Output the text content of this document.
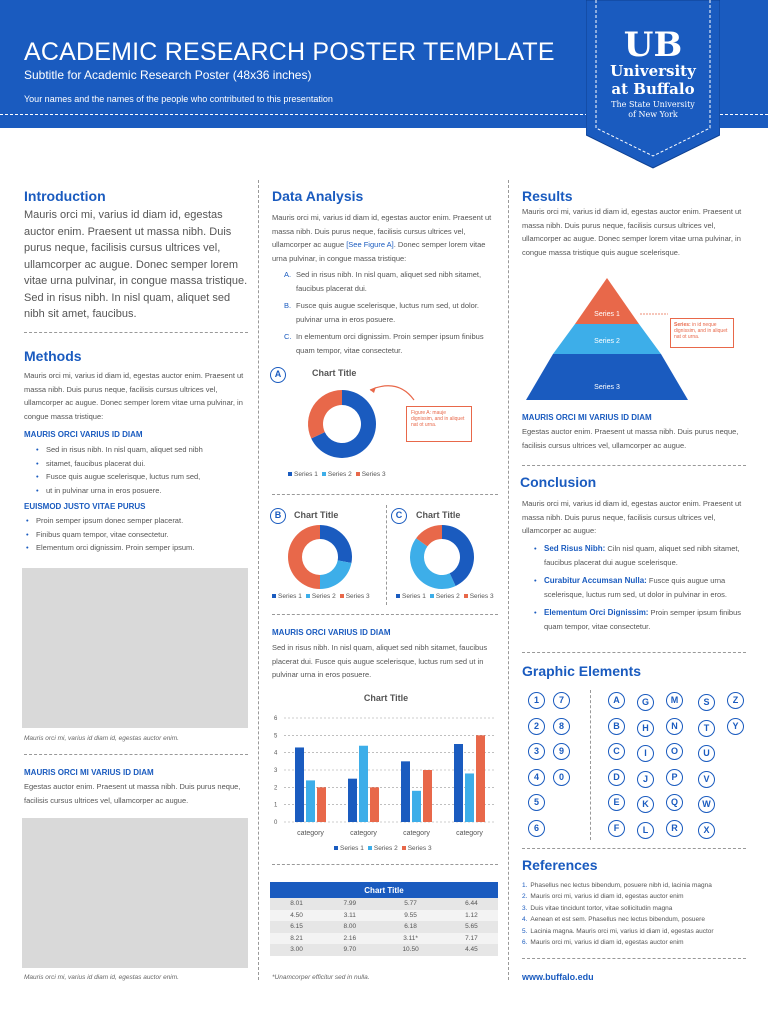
ACADEMIC RESEARCH POSTER TEMPLATE
Subtitle for Academic Research Poster (48x36 inches)
Your names and the names of the people who contributed to this presentation
UB
University
at Buffalo
The State University
of New York
Introduction
Mauris orci mi, varius id diam id, egestas auctor enim. Praesent ut massa nibh. Duis purus neque, facilisis cursus ultrices vel, ullamcorper ac augue. Donec semper lorem vitae urna pulvinar, in congue massa tristique. Sed in risus nibh. In nisl quam, aliquet sed nibh sit amet, faucibus.
Methods
Mauris orci mi, varius id diam id, egestas auctor enim. Praesent ut massa nibh. Duis purus neque, facilisis cursus ultrices vel, ullamcorper ac augue. Donec semper lorem vitae urna pulvinar, in congue massa tristique:
MAURIS ORCI VARIUS ID DIAM
• Sed in risus nibh. In nisl quam, aliquet sed nibh
• sitamet, faucibus placerat dui.
• Fusce quis augue scelerisque, luctus rum sed,
• ut in pulvinar urna in eros posuere.
EUISMOD JUSTO VITAE PURUS
• Proin semper ipsum donec semper placerat.
• Finibus quam tempor, vitae consectetur.
• Elementum orci dignissim. Proin semper ipsum.
Mauris orci mi, varius id diam id, egestas auctor enim.
MAURIS ORCI MI VARIUS ID DIAM
Egestas auctor enim. Praesent ut massa nibh. Duis purus neque, facilisis cursus ultrices vel, ullamcorper ac augue.
Mauris orci mi, varius id diam id, egestas auctor enim.
Data Analysis
Mauris orci mi, varius id diam id, egestas auctor enim. Praesent ut massa nibh. Duis purus neque, facilisis cursus ultrices vel, ullamcorper ac augue [See Figure A]. Donec semper lorem vitae urna pulvinar, in congue massa tristique:
A. Sed in risus nibh. In nisl quam, aliquet sed nibh sitamet, faucibus placerat dui.
B. Fusce quis augue scelerisque, luctus rum sed, ut dolor. pulvinar urna in eros posuere.
C. In elementum orci dignissim. Proin semper ipsum finibus quam tempor, vitae consectetur.
A	Chart Title
Figure A: mauje dignissim, and in aliquet nat ot urna.
Series 1 Series 2 Series 3
B	Chart Title
Series 1 Series 2 Series 3
C	Chart Title
Series 1 Series 2 Series 3
MAURIS ORCI VARIUS ID DIAM
Sed in risus nibh. In nisl quam, aliquet sed nibh sitamet, faucibus placerat dui. Fusce quis augue scelerisque, luctus rum sed ut in pulvinar urna in eros posuere.
Chart Title
0
1
2
3
4
5
6
category	category	category	category
Series 1 Series 2 Series 3
Chart Title			
8.01	7.99	5.77	6.44
4.50	3.11	9.55	1.12
6.15	8.00	6.18	5.65
8.21	2.16	3.11*	7.17
3.00	9.70	10.50	4.45
*Unamcorper efficitur sed in nulla.
Results
Mauris orci mi, varius id diam id, egestas auctor enim. Praesent ut massa nibh. Duis purus neque, facilisis cursus ultrices vel, ullamcorper ac augue. Donec semper lorem vitae urna pulvinar, in congue massa tristique quis augue scelerisque.
Series 1
Series 2
Series 3
Series: in id neque dignissim, and in aliquet nat ot urna.
MAURIS ORCI MI VARIUS ID DIAM
Egestas auctor enim. Praesent ut massa nibh. Duis purus neque, facilisis cursus ultrices vel, ullamcorper ac augue.
Conclusion
Mauris orci mi, varius id diam id, egestas auctor enim. Praesent ut massa nibh. Duis purus neque, facilisis cursus ultrices vel, ullamcorper ac augue:
• Sed Risus Nibh: Ciln nisl quam, aliquet sed nibh sitamet, faucibus placerat dui augue scelerisque.
• Curabitur Accumsan Nulla: Fusce quis augue urna scelerisque, luctus rum sed, ut dolor in pulvinar in eros.
• Elementum Orci Dignissim: Proin semper ipsum finibus quam tempor, vitae consectetur.
Graphic Elements
1
2
3
4
5
6
7
8
9
0
A
B
C
D
E
F
G
H
I
J
K
L
M
N
O
P
Q
R
S
T
U
V
W
X
Z
Y
References
1. Phasellus nec lectus bibendum, posuere nibh id, lacinia magna
2. Mauris orci mi, varius id diam id, egestas auctor enim
3. Duis vitae tincidunt tortor, vitae sollicitudin magna
4. Aenean et est sem. Phasellus nec lectus bibendum, posuere
5. Lacinia magna. Mauris orci mi, varius id diam id, egestas auctor
6. Mauris orci mi, varius id diam id, egestas auctor enim
www.buffalo.edu
